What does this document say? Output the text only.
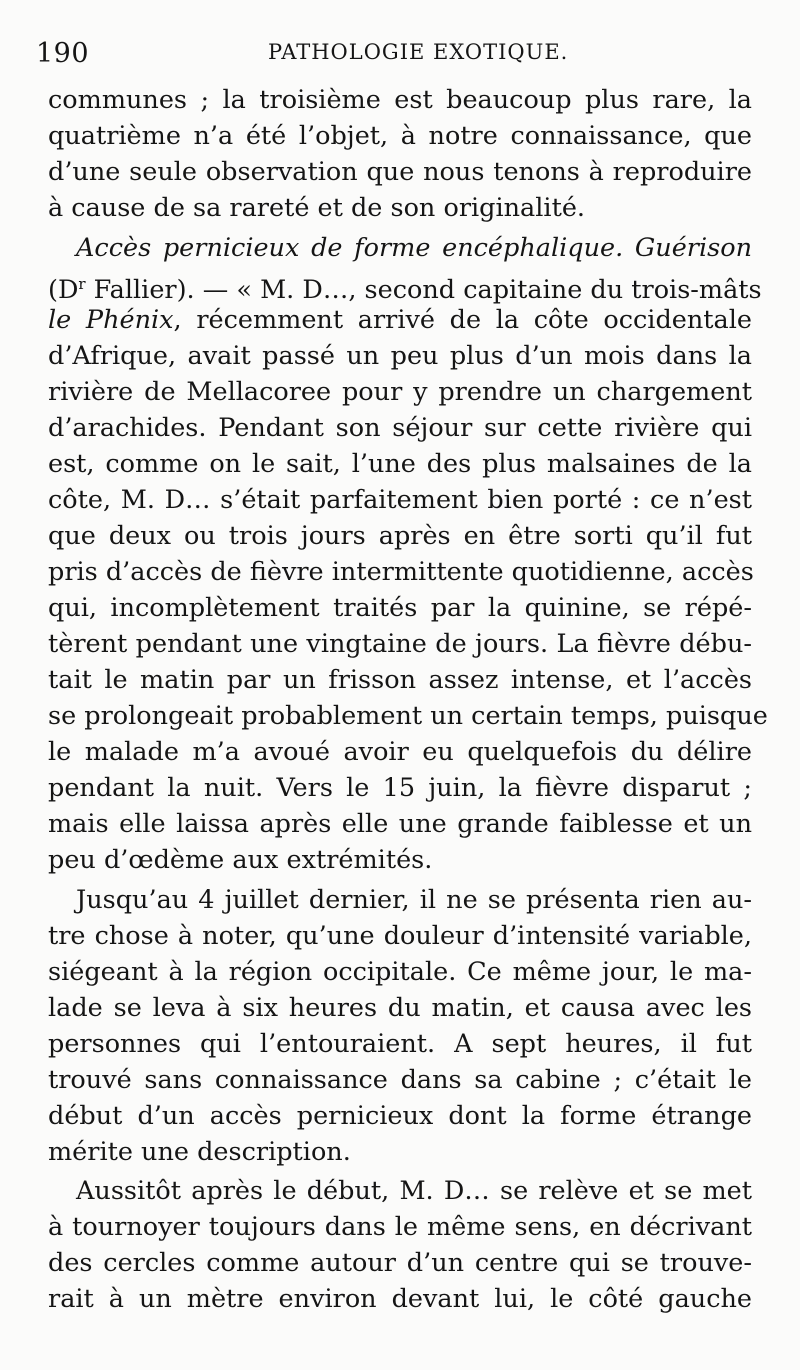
190	PATHOLOGIE EXOTIQUE.
communes ; la troisième est beaucoup plus rare, la
quatrième n’a été l’objet, à notre connaissance, que
d’une seule observation que nous tenons à reproduire
à cause de sa rareté et de son originalité.
Accès pernicieux de forme encéphalique. Guérison
($D^r$ Fallier). — « M. D…, second capitaine du trois-mâts
le Phénix, récemment arrivé de la côte occidentale
d’Afrique, avait passé un peu plus d’un mois dans la
rivière de Mellacoree pour y prendre un chargement
d’arachides. Pendant son séjour sur cette rivière qui
est, comme on le sait, l’une des plus malsaines de la
côte, M. D… s’était parfaitement bien porté : ce n’est
que deux ou trois jours après en être sorti qu’il fut
pris d’accès de fièvre intermittente quotidienne, accès
qui, incomplètement traités par la quinine, se répé-
tèrent pendant une vingtaine de jours. La fièvre débu-
tait le matin par un frisson assez intense, et l’accès
se prolongeait probablement un certain temps, puisque
le malade m’a avoué avoir eu quelquefois du délire
pendant la nuit. Vers le 15 juin, la fièvre disparut ;
mais elle laissa après elle une grande faiblesse et un
peu d’œdème aux extrémités.
Jusqu’au 4 juillet dernier, il ne se présenta rien au-
tre chose à noter, qu’une douleur d’intensité variable,
siégeant à la région occipitale. Ce même jour, le ma-
lade se leva à six heures du matin, et causa avec les
personnes qui l’entouraient. A sept heures, il fut
trouvé sans connaissance dans sa cabine ; c’était le
début d’un accès pernicieux dont la forme étrange
mérite une description.
Aussitôt après le début, M. D… se relève et se met
à tournoyer toujours dans le même sens, en décrivant
des cercles comme autour d’un centre qui se trouve-
rait à un mètre environ devant lui, le côté gauche
